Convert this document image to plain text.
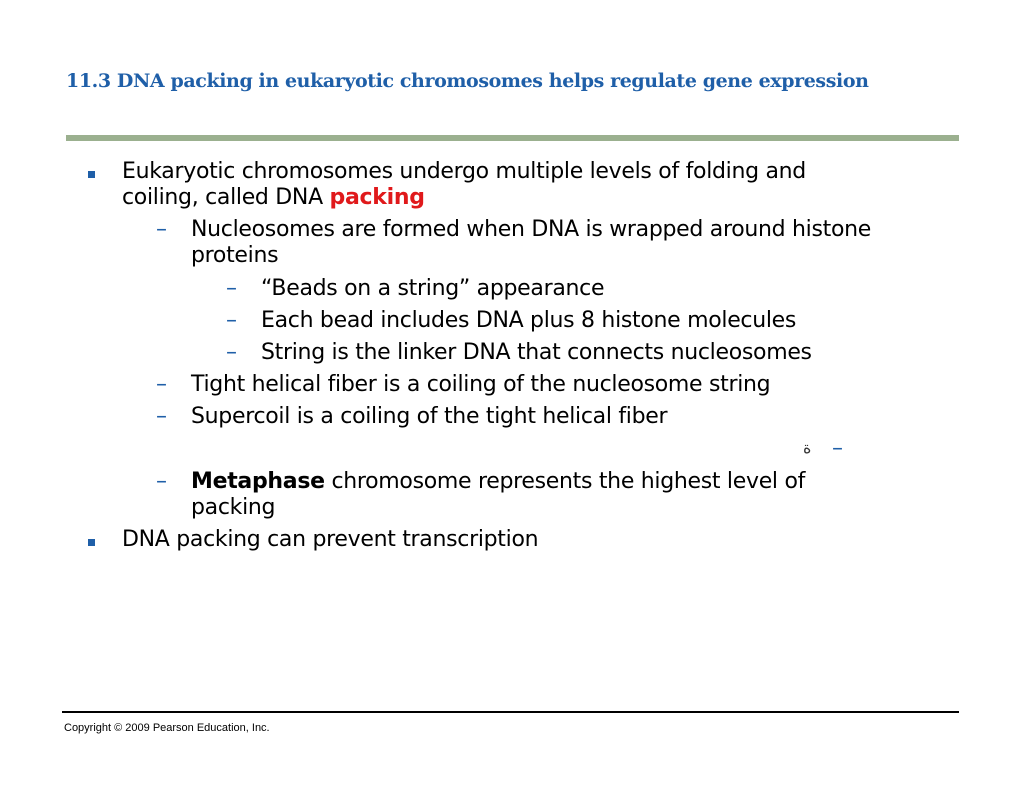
11.3 DNA packing in eukaryotic chromosomes helps regulate gene expression
Eukaryotic chromosomes undergo multiple levels of folding and
coiling, called DNA packing
– Nucleosomes are formed when DNA is wrapped around histone
proteins
– “Beads on a string” appearance
– Each bead includes DNA plus 8 histone molecules
– String is the linker DNA that connects nucleosomes
– Tight helical fiber is a coiling of the nucleosome string
– Supercoil is a coiling of the tight helical fiber
ة –
– Metaphase chromosome represents the highest level of
packing
DNA packing can prevent transcription
Copyright © 2009 Pearson Education, Inc.
